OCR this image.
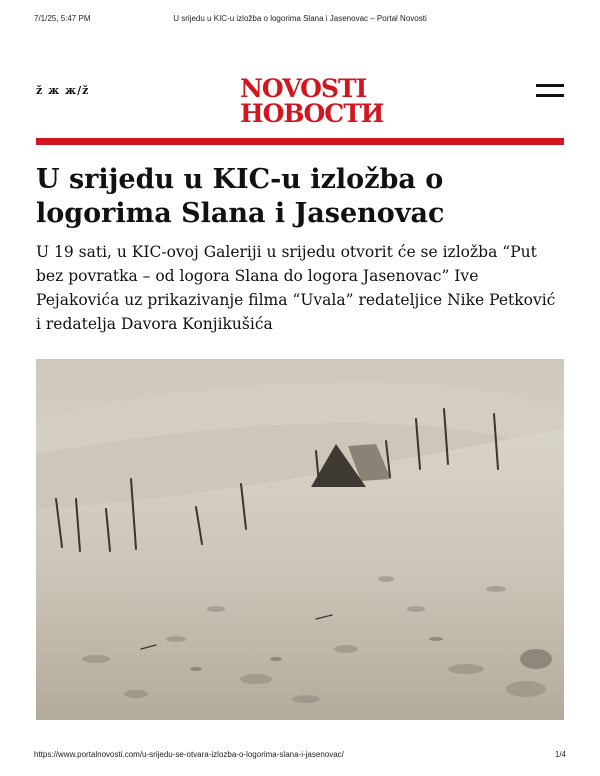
7/1/25, 5:47 PM	U srijedu u KIC-u izložba o logorima Slana i Jasenovac – Portal Novosti
ž ж ж/ž	NOVOSTI
НОВОСТИ
U srijedu u KIC-u izložba o logorima Slana i Jasenovac

U 19 sati, u KIC-ovoj Galeriji u srijedu otvorit će se izložba “Put bez povratka – od logora Slana do logora Jasenovac” Ive Pejakovića uz prikazivanje filma “Uvala” redateljice Nike Petković i redatelja Davora Konjikušića

https://www.portalnovosti.com/u-srijedu-se-otvara-izlozba-o-logorima-slana-i-jasenovac/	1/4
